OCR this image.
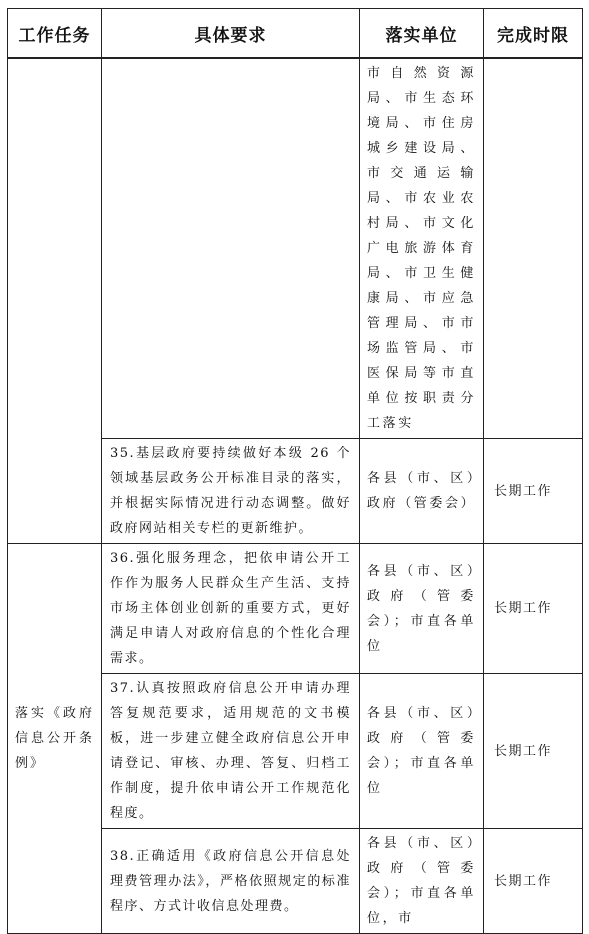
工作任务	具体要求	落实单位	完成时限

		市自然资源局、市生态环境局、市住房城乡建设局、市交通运输局、市农业农村局、市文化广电旅游体育局、市卫生健康局、市应急管理局、市市场监管局、市医保局等市直单位按职责分工落实	

	35.基层政府要持续做好本级 26 个领域基层政务公开标准目录的落实，并根据实际情况进行动态调整。做好政府网站相关专栏的更新维护。	各县（市、区）政府（管委会）	长期工作

落实《政府信息公开条例》	36.强化服务理念，把依申请公开工作作为服务人民群众生产生活、支持市场主体创业创新的重要方式，更好满足申请人对政府信息的个性化合理需求。	各县（市、区）政府（管委会）；市直各单位	长期工作

	37.认真按照政府信息公开申请办理答复规范要求，适用规范的文书模板，进一步建立健全政府信息公开申请登记、审核、办理、答复、归档工作制度，提升依申请公开工作规范化程度。	各县（市、区）政府（管委会）；市直各单位	长期工作

	38.正确适用《政府信息公开信息处理费管理办法》，严格依照规定的标准程序、方式计收信息处理费。	各县（市、区）政府（管委会）；市直各单位，市	长期工作
